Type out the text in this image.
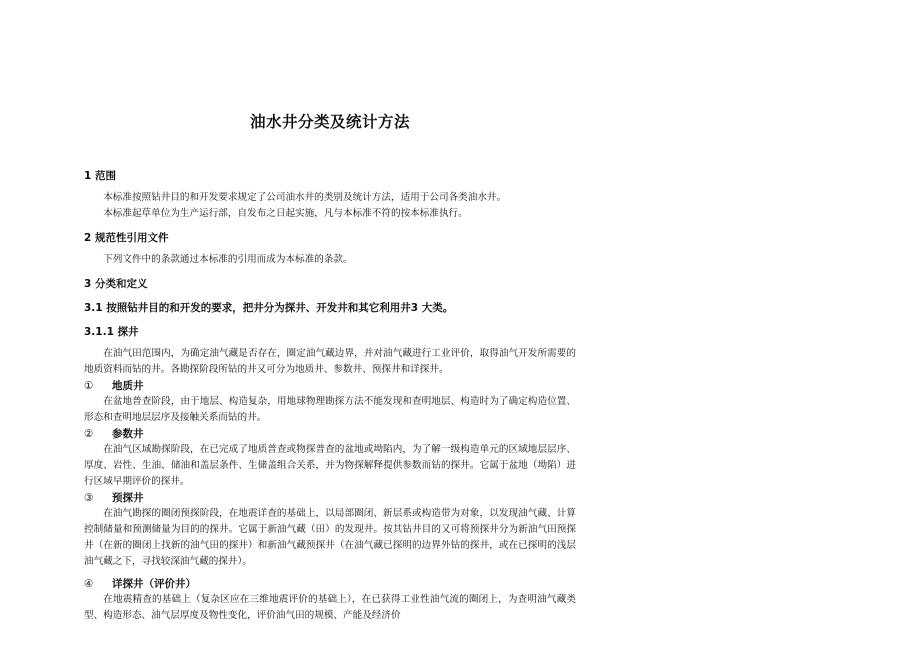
油水井分类及统计方法
1 范围
本标准按照钻井目的和开发要求规定了公司油水井的类别及统计方法，适用于公司各类油水井。
本标准起草单位为生产运行部，自发布之日起实施，凡与本标准不符的按本标准执行。
2 规范性引用文件
下列文件中的条款通过本标准的引用而成为本标准的条款。
3 分类和定义
3.1 按照钻井目的和开发的要求，把井分为探井、开发井和其它利用井3 大类。
3.1.1 探井
在油气田范围内，为确定油气藏是否存在，圈定油气藏边界，并对油气藏进行工业评价，取得油气开发所需要的地质资料而钻的井。各勘探阶段所钻的井又可分为地质井、参数井、预探井和详探井。
① 地质井
在盆地普查阶段，由于地层、构造复杂，用地球物理勘探方法不能发现和查明地层、构造时为了确定构造位置、形态和查明地层层序及接触关系而钻的井。
② 参数井
在油气区域勘探阶段，在已完成了地质普查或物探普查的盆地或坳陷内，为了解一级构造单元的区域地层层序、厚度、岩性、生油、储油和盖层条件、生储盖组合关系，并为物探解释提供参数而钻的探井。它属于盆地（坳陷）进行区域早期评价的探井。
③ 预探井
在油气勘探的圈闭预探阶段，在地震详查的基础上，以局部圈闭、新层系或构造带为对象，以发现油气藏、计算控制储量和预测储量为目的的探井。它属于新油气藏（田）的发现井。按其钻井目的又可将预探井分为新油气田预探井（在新的圈闭上找新的油气田的探井）和新油气藏预探井（在油气藏已探明的边界外钻的探井，或在已探明的浅层油气藏之下，寻找较深油气藏的探井）。
④ 详探井（评价井）
在地震精查的基础上（复杂区应在三维地震评价的基础上），在已获得工业性油气流的圈闭上，为查明油气藏类型、构造形态、油气层厚度及物性变化，评价油气田的规模、产能及经济价
